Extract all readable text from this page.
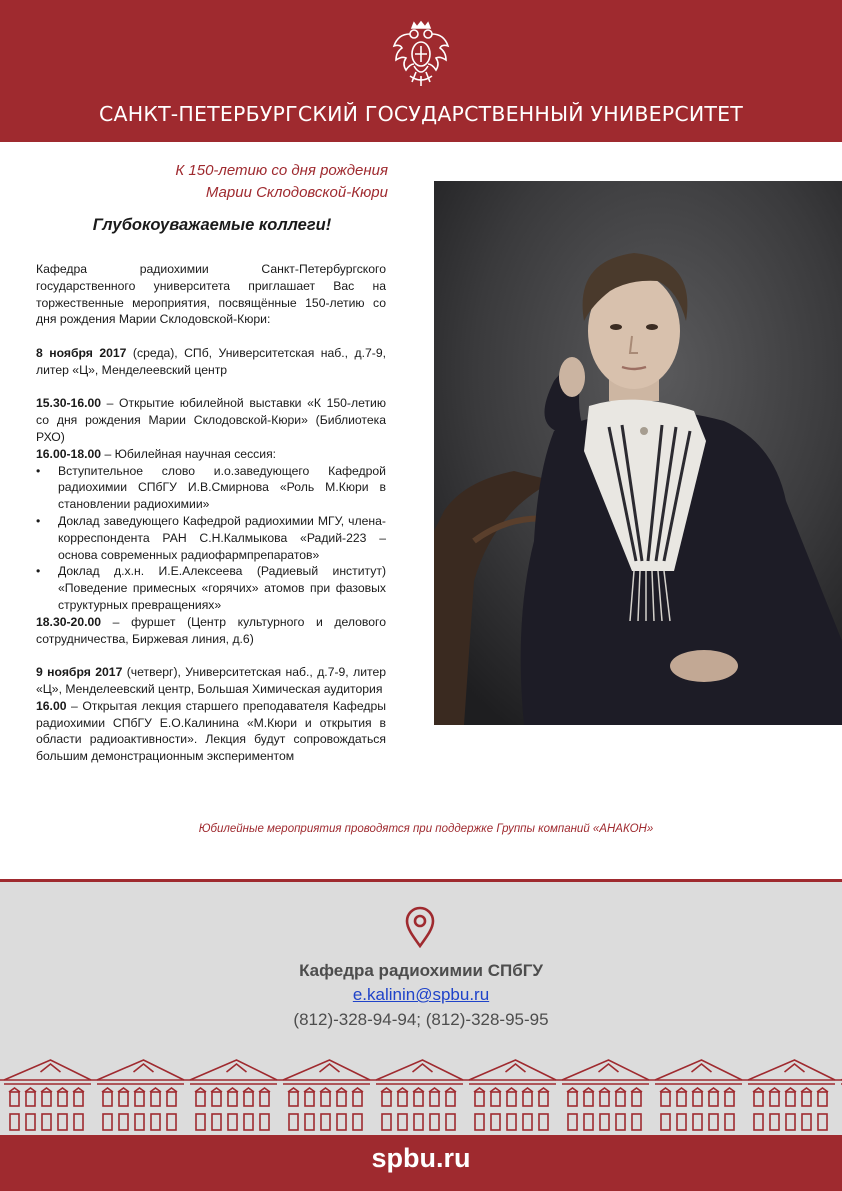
САНКТ-ПЕТЕРБУРГСКИЙ ГОСУДАРСТВЕННЫЙ УНИВЕРСИТЕТ
К 150-летию со дня рождения
Марии Склодовской-Кюри
Глубокоуважаемые коллеги!

Кафедра радиохимии Санкт-Петербургского государственного университета приглашает Вас на торжественные мероприятия, посвящённые 150-летию со дня рождения Марии Склодовской-Кюри:

8 ноября 2017 (среда), СПб, Университетская наб., д.7-9, литер «Ц», Менделеевский центр

15.30-16.00 – Открытие юбилейной выставки «К 150-летию со дня рождения Марии Склодовской-Кюри» (Библиотека РХО)

16.00-18.00 – Юбилейная научная сессия:

• Вступительное слово и.о.заведующего Кафедрой радиохимии СПбГУ И.В.Смирнова «Роль М.Кюри в становлении радиохимии»
• Доклад заведующего Кафедрой радиохимии МГУ, члена-корреспондента РАН С.Н.Калмыкова «Радий-223 – основа современных радиофармпрепаратов»
• Доклад д.х.н. И.Е.Алексеева (Радиевый институт) «Поведение примесных «горячих» атомов при фазовых структурных превращениях»

18.30-20.00 – фуршет (Центр культурного и делового сотрудничества, Биржевая линия, д.6)

9 ноября 2017 (четверг), Университетская наб., д.7-9, литер «Ц», Менделеевский центр, Большая Химическая аудитория

16.00 – Открытая лекция старшего преподавателя Кафедры радиохимии СПбГУ Е.О.Калинина «М.Кюри и открытия в области радиоактивности». Лекция будут сопровождаться большим демонстрационным экспериментом

Юбилейные мероприятия проводятся при поддержке Группы компаний «АНАКОН»
Кафедра радиохимии СПбГУ
e.kalinin@spbu.ru
(812)-328-94-94; (812)-328-95-95
spbu.ru
